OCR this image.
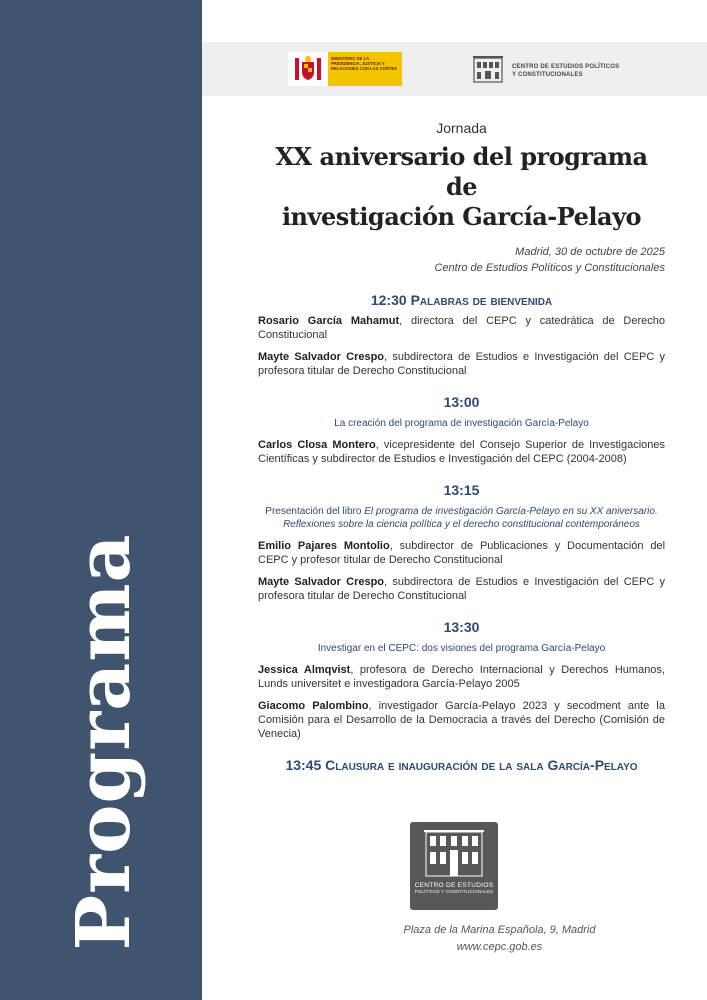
Programa
MINISTERIO DE LA PRESIDENCIA, JUSTICIA Y RELACIONES CON LAS CORTES	CENTRO DE ESTUDIOS POLÍTICOS
Y CONSTITUCIONALES
Jornada
XX aniversario del programa de
investigación García-Pelayo
Madrid, 30 de octubre de 2025
Centro de Estudios Políticos y Constitucionales
12:30 Palabras de bienvenida

Rosario García Mahamut, directora del CEPC y catedrática de Derecho Constitucional

Mayte Salvador Crespo, subdirectora de Estudios e Investigación del CEPC y profesora titular de Derecho Constitucional

13:00
La creación del programa de investigación García-Pelayo

Carlos Closa Montero, vicepresidente del Consejo Superior de Investigaciones Científicas y subdirector de Estudios e Investigación del CEPC (2004-2008)

13:15
Presentación del libro El programa de investigación García-Pelayo en su XX aniversario. Reflexiones sobre la ciencia política y el derecho constitucional contemporáneos

Emilio Pajares Montolio, subdirector de Publicaciones y Documentación del CEPC y profesor titular de Derecho Constitucional

Mayte Salvador Crespo, subdirectora de Estudios e Investigación del CEPC y profesora titular de Derecho Constitucional

13:30
Investigar en el CEPC: dos visiones del programa García-Pelayo

Jessica Almqvist, profesora de Derecho Internacional y Derechos Humanos, Lunds universitet e investigadora García-Pelayo 2005

Giacomo Palombino, investigador García-Pelayo 2023 y secodment ante la Comisión para el Desarrollo de la Democracia a través del Derecho (Comisión de Venecia)

13:45 Clausura e inauguración de la sala García-Pelayo
CENTRO DE ESTUDIOS
POLÍTICOS Y CONSTITUCIONALES
Plaza de la Marina Española, 9, Madrid
www.cepc.gob.es
